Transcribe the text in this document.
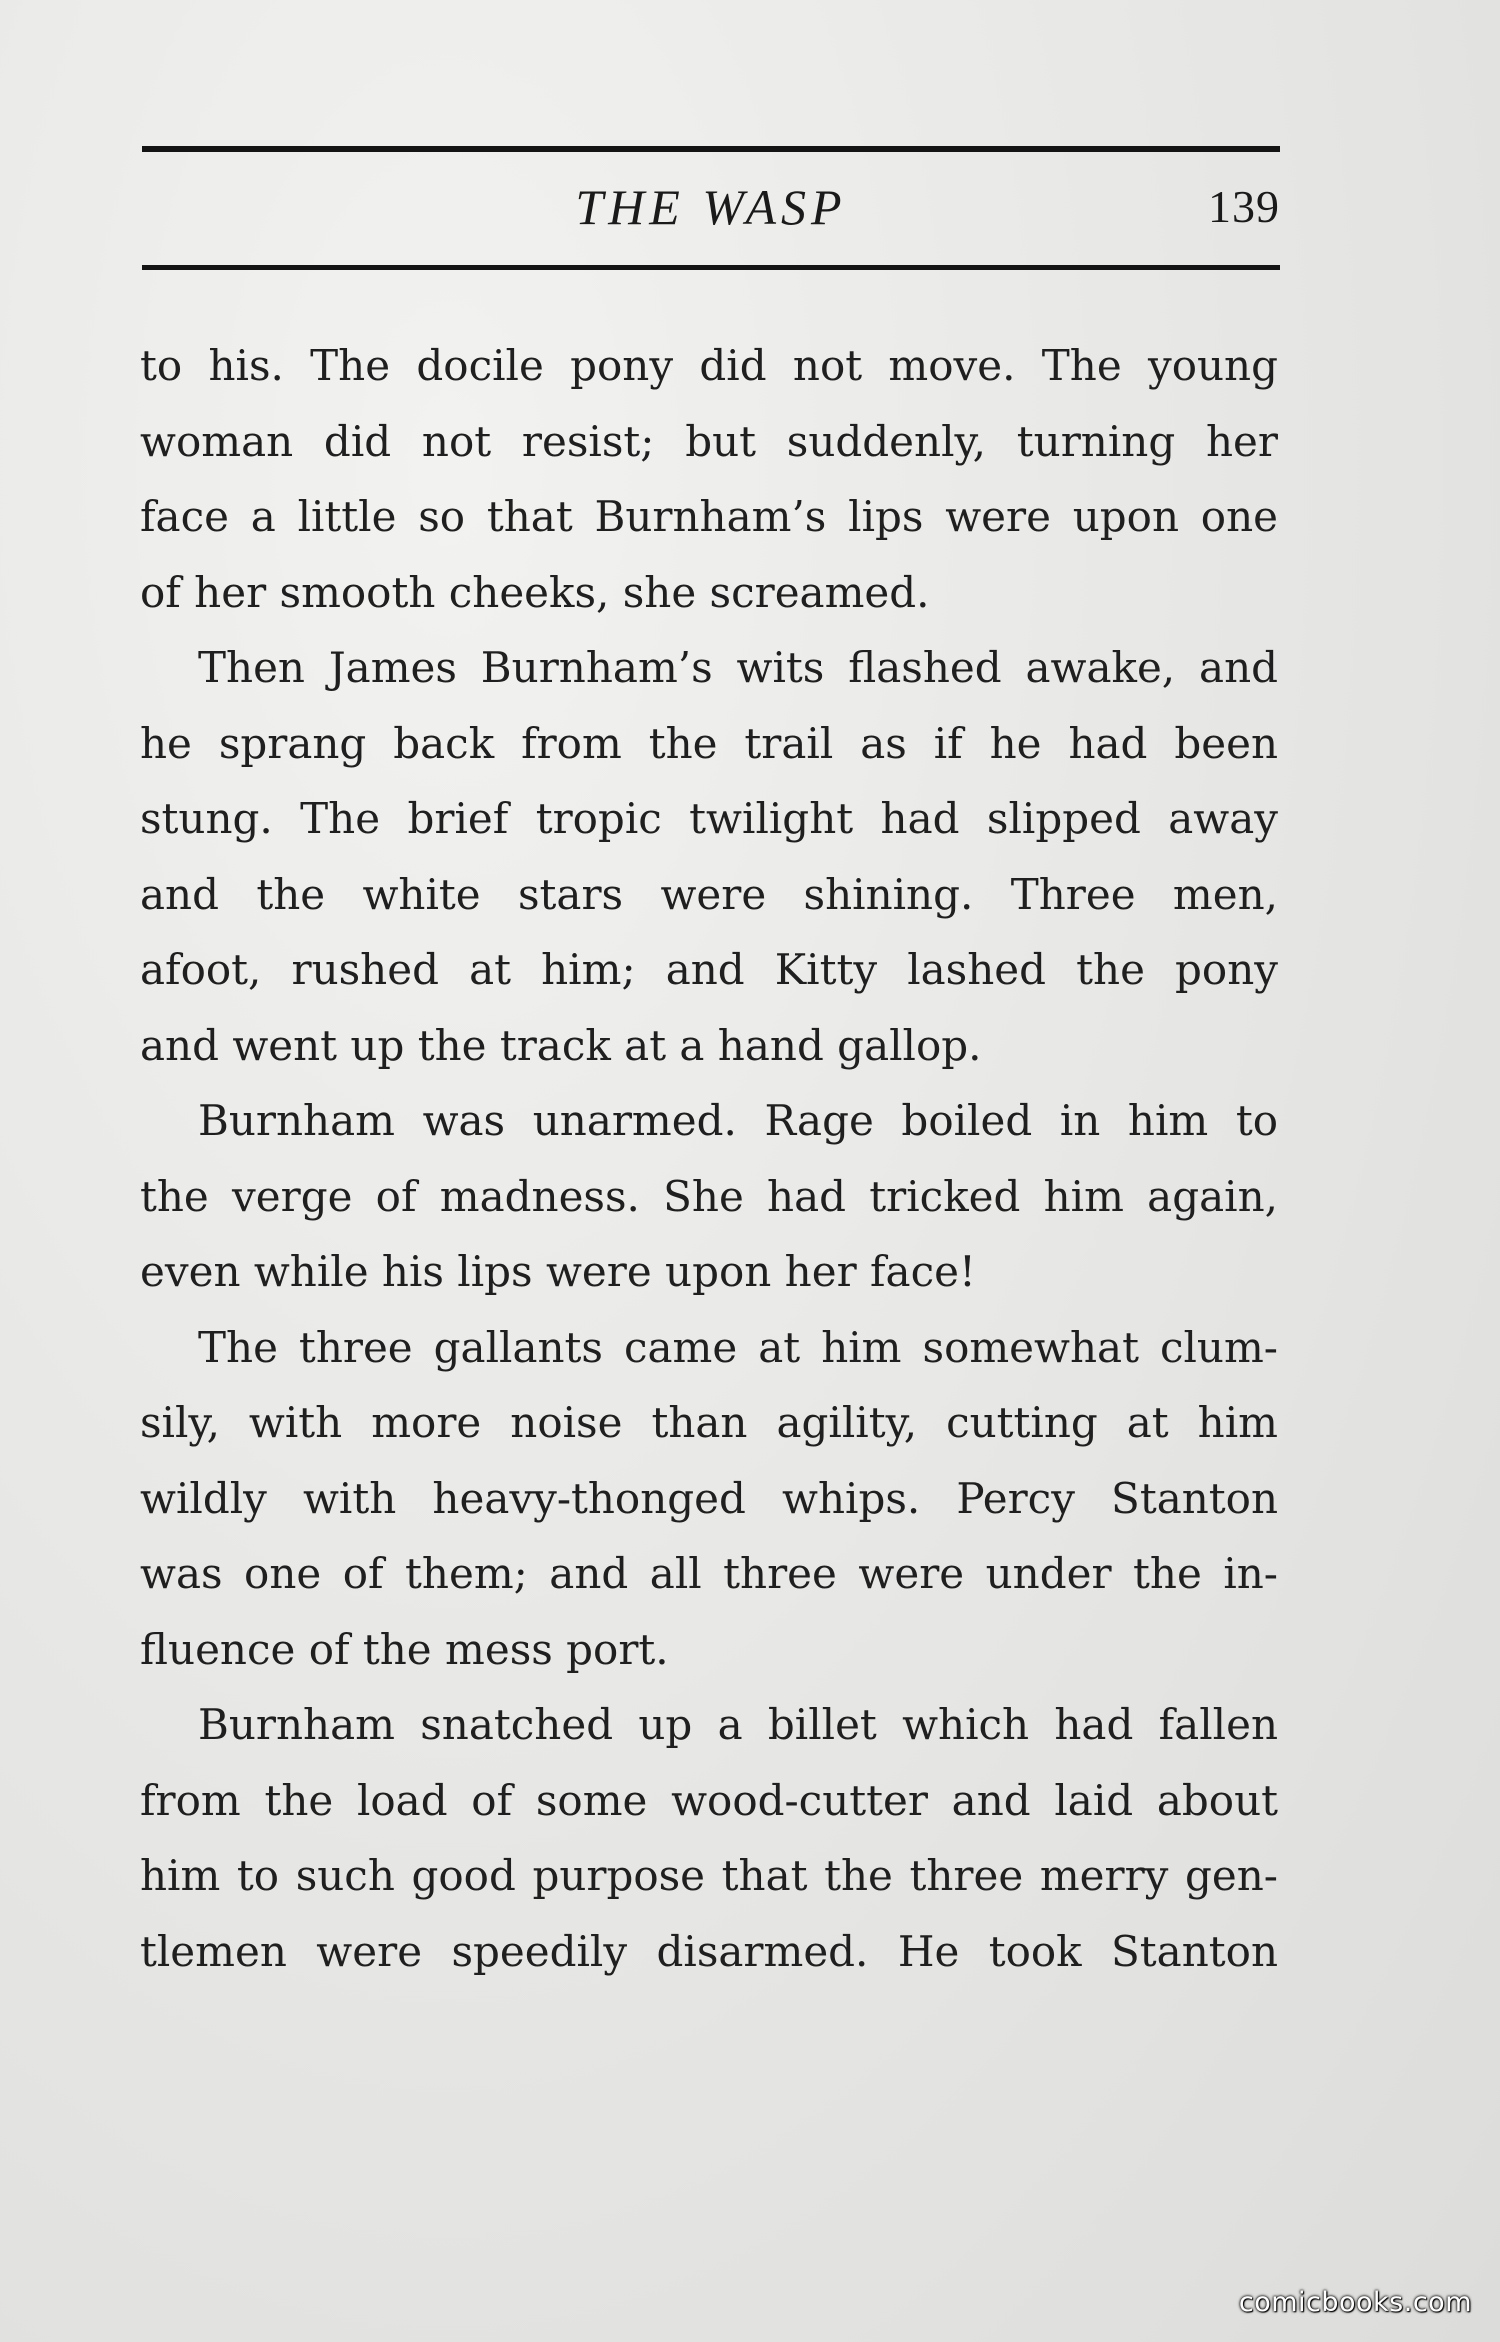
THE WASP	139
to his. The docile pony did not move. The young
woman did not resist; but suddenly, turning her
face a little so that Burnham’s lips were upon one
of her smooth cheeks, she screamed.
Then James Burnham’s wits flashed awake, and
he sprang back from the trail as if he had been
stung. The brief tropic twilight had slipped away
and the white stars were shining. Three men,
afoot, rushed at him; and Kitty lashed the pony
and went up the track at a hand gallop.
Burnham was unarmed. Rage boiled in him to
the verge of madness. She had tricked him again,
even while his lips were upon her face!
The three gallants came at him somewhat clum-
sily, with more noise than agility, cutting at him
wildly with heavy-thonged whips. Percy Stanton
was one of them; and all three were under the in-
fluence of the mess port.
Burnham snatched up a billet which had fallen
from the load of some wood-cutter and laid about
him to such good purpose that the three merry gen-
tlemen were speedily disarmed. He took Stanton
comicbooks.com
